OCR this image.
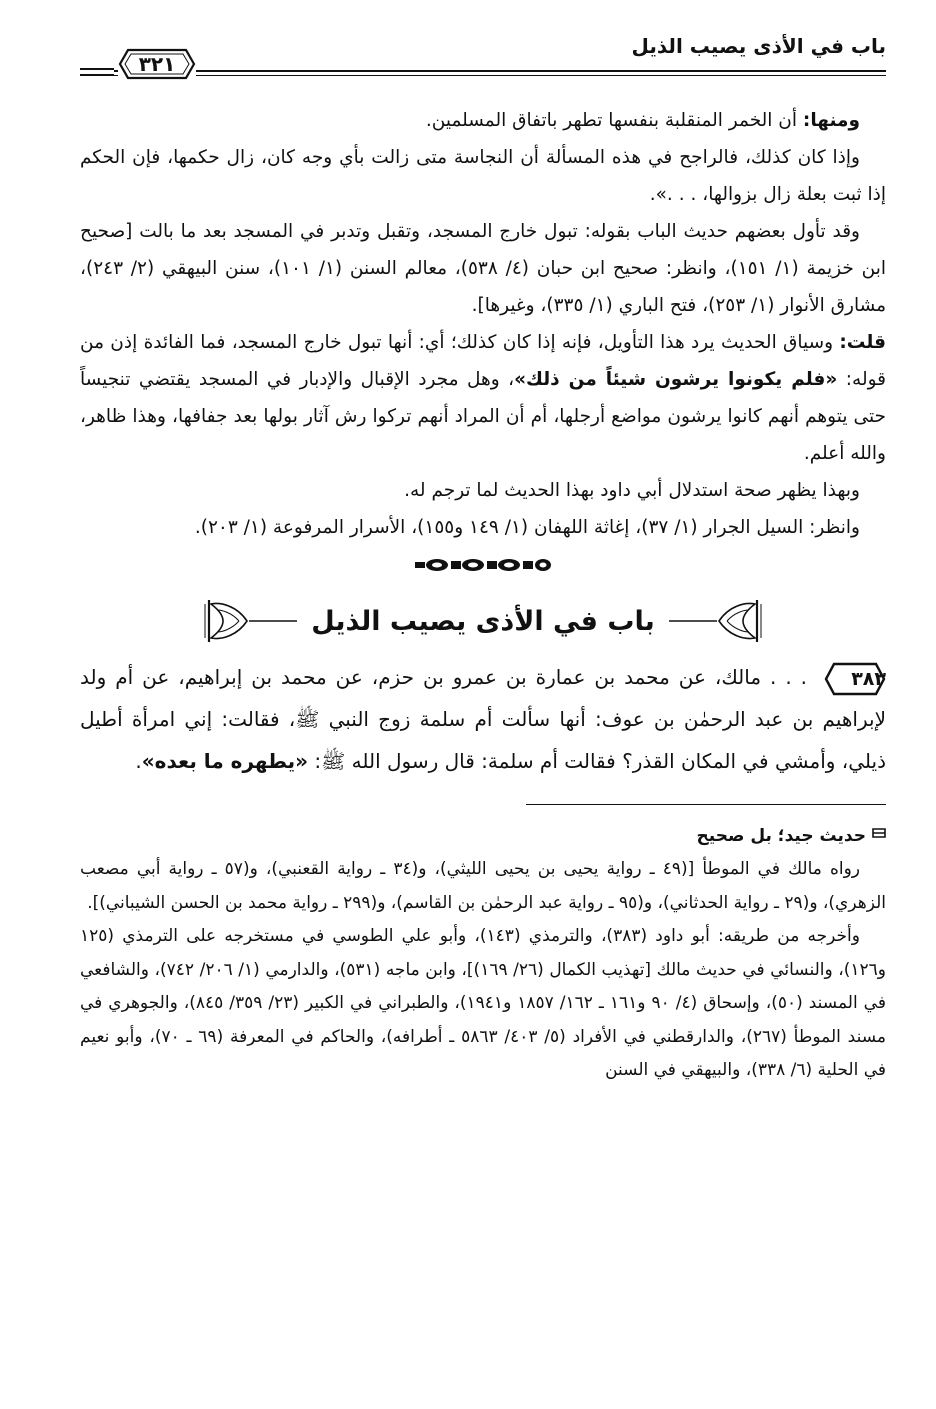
باب في الأذى يصيب الذيل
٣٢١

ومنها: أن الخمر المنقلبة بنفسها تطهر باتفاق المسلمين.

وإذا كان كذلك، فالراجح في هذه المسألة أن النجاسة متى زالت بأي وجه كان، زال حكمها، فإن الحكم إذا ثبت بعلة زال بزوالها، . . .».

وقد تأول بعضهم حديث الباب بقوله: تبول خارج المسجد، وتقبل وتدبر في المسجد بعد ما بالت [صحيح ابن خزيمة (١/ ١٥١)، وانظر: صحيح ابن حبان (٤/ ٥٣٨)، معالم السنن (١/ ١٠١)، سنن البيهقي (٢/ ٢٤٣)، مشارق الأنوار (١/ ٢٥٣)، فتح الباري (١/ ٣٣٥)، وغيرها].

قلت: وسياق الحديث يرد هذا التأويل، فإنه إذا كان كذلك؛ أي: أنها تبول خارج المسجد، فما الفائدة إذن من قوله: «فلم يكونوا يرشون شيئاً من ذلك»، وهل مجرد الإقبال والإدبار في المسجد يقتضي تنجيساً حتى يتوهم أنهم كانوا يرشون مواضع أرجلها، أم أن المراد أنهم تركوا رش آثار بولها بعد جفافها، وهذا ظاهر، والله أعلم.

وبهذا يظهر صحة استدلال أبي داود بهذا الحديث لما ترجم له.

وانظر: السيل الجرار (١/ ٣٧)، إغاثة اللهفان (١/ ١٤٩ و١٥٥)، الأسرار المرفوعة (١/ ٢٠٣).

باب في الأذى يصيب الذيل

٣٨٣ . . . مالك، عن محمد بن عمارة بن عمرو بن حزم، عن محمد بن إبراهيم، عن أم ولد لإبراهيم بن عبد الرحمٰن بن عوف: أنها سألت أم سلمة زوج النبي ﷺ، فقالت: إني امرأة أطيل ذيلي، وأمشي في المكان القذر؟ فقالت أم سلمة: قال رسول الله ﷺ: «يطهره ما بعده».

حديث جيد؛ بل صحيح

رواه مالك في الموطأ [(٤٩ ـ رواية يحيى بن يحيى الليثي)، و(٣٤ ـ رواية القعنبي)، و(٥٧ ـ رواية أبي مصعب الزهري)، و(٢٩ ـ رواية الحدثاني)، و(٩٥ ـ رواية عبد الرحمٰن بن القاسم)، و(٢٩٩ ـ رواية محمد بن الحسن الشيباني)].

وأخرجه من طريقه: أبو داود (٣٨٣)، والترمذي (١٤٣)، وأبو علي الطوسي في مستخرجه على الترمذي (١٢٥ و١٢٦)، والنسائي في حديث مالك [تهذيب الكمال (٢٦/ ١٦٩)]، وابن ماجه (٥٣١)، والدارمي (١/ ٢٠٦/ ٧٤٢)، والشافعي في المسند (٥٠)، وإسحاق (٤/ ٩٠ و١٦١ ـ ١٦٢/ ١٨٥٧ و١٩٤١)، والطبراني في الكبير (٢٣/ ٣٥٩/ ٨٤٥)، والجوهري في مسند الموطأ (٢٦٧)، والدارقطني في الأفراد (٥/ ٤٠٣/ ٥٨٦٣ ـ أطرافه)، والحاكم في المعرفة (٦٩ ـ ٧٠)، وأبو نعيم في الحلية (٦/ ٣٣٨)، والبيهقي في السنن
